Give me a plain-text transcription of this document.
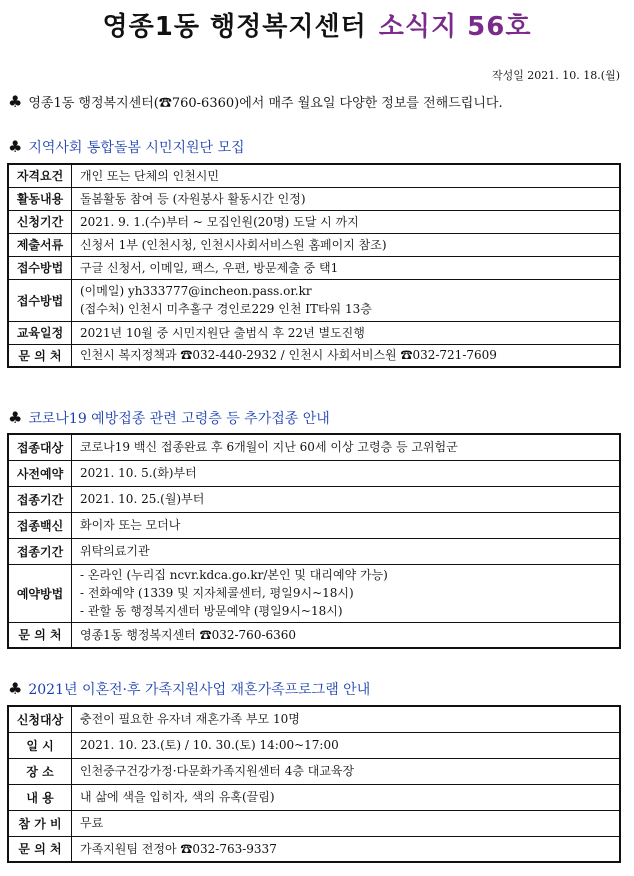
영종1동 행정복지센터 소식지 56호
작성일 2021. 10. 18.(월)
♣ 영종1동 행정복지센터(☎760-6360)에서 매주 월요일 다양한 정보를 전해드립니다.
♣ 지역사회 통합돌봄 시민지원단 모집
자격요건	개인 또는 단체의 인천시민

활동내용	돌봄활동 참여 등 (자원봉사 활동시간 인정)

신청기간	2021. 9. 1.(수)부터 ~ 모집인원(20명) 도달 시 까지

제출서류	신청서 1부 (인천시청, 인천시사회서비스원 홈페이지 참조)

접수방법	구글 신청서, 이메일, 팩스, 우편, 방문제출 중 택1

접수방법	(이메일) yh333777@incheon.pass.or.kr
(접수처) 인천시 미추홀구 경인로229 인천 IT타워 13층

교육일정	2021년 10월 중 시민지원단 출범식 후 22년 별도진행

문 의 처	인천시 복지정책과 ☎032-440-2932 / 인천시 사회서비스원 ☎032-721-7609
♣ 코로나19 예방접종 관련 고령층 등 추가접종 안내
접종대상	코로나19 백신 접종완료 후 6개월이 지난 60세 이상 고령층 등 고위험군

사전예약	2021. 10. 5.(화)부터

접종기간	2021. 10. 25.(월)부터

접종백신	화이자 또는 모더나

접종기간	위탁의료기관

예약방법	- 온라인 (누리집 ncvr.kdca.go.kr/본인 및 대리예약 가능)
- 전화예약 (1339 및 지자체콜센터, 평일9시~18시)
- 관할 동 행정복지센터 방문예약 (평일9시~18시)

문 의 처	영종1동 행정복지센터 ☎032-760-6360
♣ 2021년 이혼전·후 가족지원사업 재혼가족프로그램 안내
신청대상	충전이 필요한 유자녀 재혼가족 부모 10명

일 시	2021. 10. 23.(토) / 10. 30.(토) 14:00~17:00

장 소	인천중구건강가정·다문화가족지원센터 4층 대교육장

내 용	내 삶에 색을 입히자, 색의 유혹(끌림)

참 가 비	무료

문 의 처	가족지원팀 전정아 ☎032-763-9337
